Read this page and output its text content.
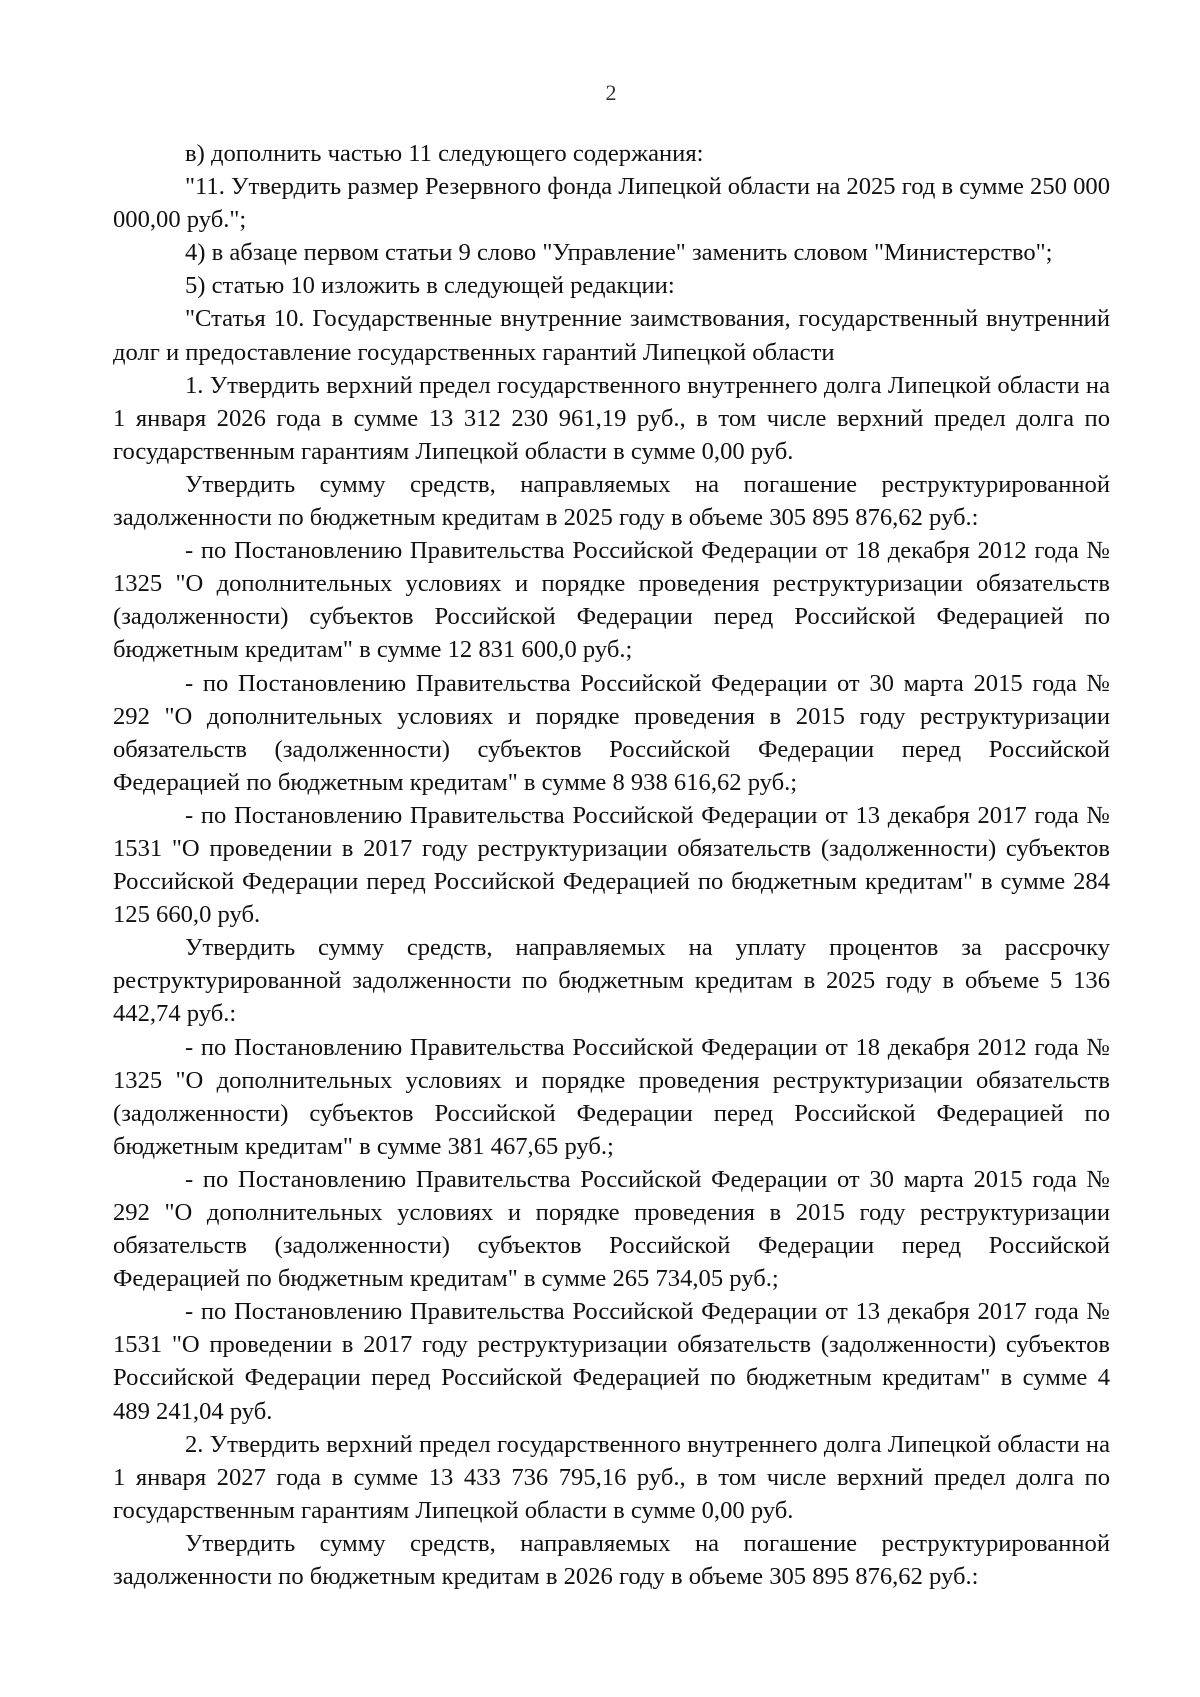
2

в) дополнить частью 11 следующего содержания:

"11. Утвердить размер Резервного фонда Липецкой области на 2025 год в сумме 250 000 000,00 руб.";

4) в абзаце первом статьи 9 слово "Управление" заменить словом "Министерство";

5) статью 10 изложить в следующей редакции:

"Статья 10. Государственные внутренние заимствования, государственный внутренний долг и предоставление государственных гарантий Липецкой области

1. Утвердить верхний предел государственного внутреннего долга Липецкой области на 1 января 2026 года в сумме 13 312 230 961,19 руб., в том числе верхний предел долга по государственным гарантиям Липецкой области в сумме 0,00 руб.

Утвердить сумму средств, направляемых на погашение реструктурированной задолженности по бюджетным кредитам в 2025 году в объеме 305 895 876,62 руб.:

- по Постановлению Правительства Российской Федерации от 18 декабря 2012 года № 1325 "О дополнительных условиях и порядке проведения реструктуризации обязательств (задолженности) субъектов Российской Федерации перед Российской Федерацией по бюджетным кредитам" в сумме 12 831 600,0 руб.;

- по Постановлению Правительства Российской Федерации от 30 марта 2015 года № 292 "О дополнительных условиях и порядке проведения в 2015 году реструктуризации обязательств (задолженности) субъектов Российской Федерации перед Российской Федерацией по бюджетным кредитам" в сумме 8 938 616,62 руб.;

- по Постановлению Правительства Российской Федерации от 13 декабря 2017 года № 1531 "О проведении в 2017 году реструктуризации обязательств (задолженности) субъектов Российской Федерации перед Российской Федерацией по бюджетным кредитам" в сумме 284 125 660,0 руб.

Утвердить сумму средств, направляемых на уплату процентов за рассрочку реструктурированной задолженности по бюджетным кредитам в 2025 году в объеме 5 136 442,74 руб.:

- по Постановлению Правительства Российской Федерации от 18 декабря 2012 года № 1325 "О дополнительных условиях и порядке проведения реструктуризации обязательств (задолженности) субъектов Российской Федерации перед Российской Федерацией по бюджетным кредитам" в сумме 381 467,65 руб.;

- по Постановлению Правительства Российской Федерации от 30 марта 2015 года № 292 "О дополнительных условиях и порядке проведения в 2015 году реструктуризации обязательств (задолженности) субъектов Российской Федерации перед Российской Федерацией по бюджетным кредитам" в сумме 265 734,05 руб.;

- по Постановлению Правительства Российской Федерации от 13 декабря 2017 года № 1531 "О проведении в 2017 году реструктуризации обязательств (задолженности) субъектов Российской Федерации перед Российской Федерацией по бюджетным кредитам" в сумме 4 489 241,04 руб.

2. Утвердить верхний предел государственного внутреннего долга Липецкой области на 1 января 2027 года в сумме 13 433 736 795,16 руб., в том числе верхний предел долга по государственным гарантиям Липецкой области в сумме 0,00 руб.

Утвердить сумму средств, направляемых на погашение реструктурированной задолженности по бюджетным кредитам в 2026 году в объеме 305 895 876,62 руб.:
